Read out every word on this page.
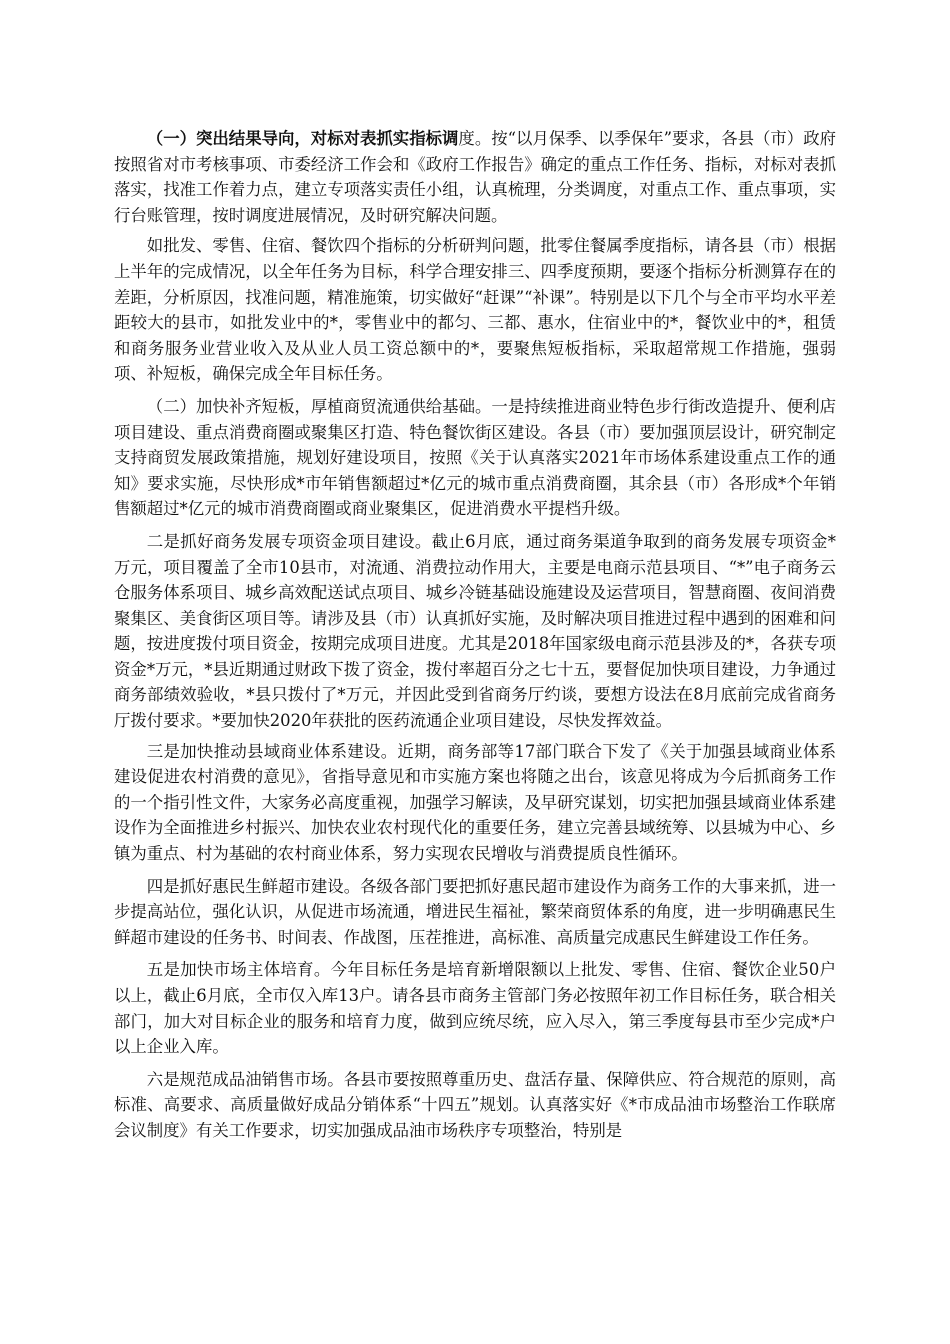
（一）突出结果导向，对标对表抓实指标调度。按“以月保季、以季保年”要求，各县（市）政府按照省对市考核事项、市委经济工作会和《政府工作报告》确定的重点工作任务、指标，对标对表抓落实，找准工作着力点，建立专项落实责任小组，认真梳理，分类调度，对重点工作、重点事项，实行台账管理，按时调度进展情况，及时研究解决问题。

如批发、零售、住宿、餐饮四个指标的分析研判问题，批零住餐属季度指标，请各县（市）根据上半年的完成情况，以全年任务为目标，科学合理安排三、四季度预期，要逐个指标分析测算存在的差距，分析原因，找准问题，精准施策，切实做好“赶课”“补课”。特别是以下几个与全市平均水平差距较大的县市，如批发业中的*，零售业中的都匀、三都、惠水，住宿业中的*，餐饮业中的*，租赁和商务服务业营业收入及从业人员工资总额中的*，要聚焦短板指标，采取超常规工作措施，强弱项、补短板，确保完成全年目标任务。

（二）加快补齐短板，厚植商贸流通供给基础。一是持续推进商业特色步行街改造提升、便利店项目建设、重点消费商圈或聚集区打造、特色餐饮街区建设。各县（市）要加强顶层设计，研究制定支持商贸发展政策措施，规划好建设项目，按照《关于认真落实2021年市场体系建设重点工作的通知》要求实施，尽快形成*市年销售额超过*亿元的城市重点消费商圈，其余县（市）各形成*个年销售额超过*亿元的城市消费商圈或商业聚集区，促进消费水平提档升级。

二是抓好商务发展专项资金项目建设。截止6月底，通过商务渠道争取到的商务发展专项资金*万元，项目覆盖了全市10县市，对流通、消费拉动作用大，主要是电商示范县项目、“*”电子商务云仓服务体系项目、城乡高效配送试点项目、城乡冷链基础设施建设及运营项目，智慧商圈、夜间消费聚集区、美食街区项目等。请涉及县（市）认真抓好实施，及时解决项目推进过程中遇到的困难和问题，按进度拨付项目资金，按期完成项目进度。尤其是2018年国家级电商示范县涉及的*，各获专项资金*万元，*县近期通过财政下拨了资金，拨付率超百分之七十五，要督促加快项目建设，力争通过商务部绩效验收，*县只拨付了*万元，并因此受到省商务厅约谈，要想方设法在8月底前完成省商务厅拨付要求。*要加快2020年获批的医药流通企业项目建设，尽快发挥效益。

三是加快推动县域商业体系建设。近期，商务部等17部门联合下发了《关于加强县域商业体系建设促进农村消费的意见》，省指导意见和市实施方案也将随之出台，该意见将成为今后抓商务工作的一个指引性文件，大家务必高度重视，加强学习解读，及早研究谋划，切实把加强县域商业体系建设作为全面推进乡村振兴、加快农业农村现代化的重要任务，建立完善县域统筹、以县城为中心、乡镇为重点、村为基础的农村商业体系，努力实现农民增收与消费提质良性循环。

四是抓好惠民生鲜超市建设。各级各部门要把抓好惠民超市建设作为商务工作的大事来抓，进一步提高站位，强化认识，从促进市场流通，增进民生福祉，繁荣商贸体系的角度，进一步明确惠民生鲜超市建设的任务书、时间表、作战图，压茬推进，高标准、高质量完成惠民生鲜建设工作任务。

五是加快市场主体培育。今年目标任务是培育新增限额以上批发、零售、住宿、餐饮企业50户以上，截止6月底，全市仅入库13户。请各县市商务主管部门务必按照年初工作目标任务，联合相关部门，加大对目标企业的服务和培育力度，做到应统尽统，应入尽入，第三季度每县市至少完成*户以上企业入库。

六是规范成品油销售市场。各县市要按照尊重历史、盘活存量、保障供应、符合规范的原则，高标准、高要求、高质量做好成品分销体系“十四五”规划。认真落实好《*市成品油市场整治工作联席会议制度》有关工作要求，切实加强成品油市场秩序专项整治，特别是
